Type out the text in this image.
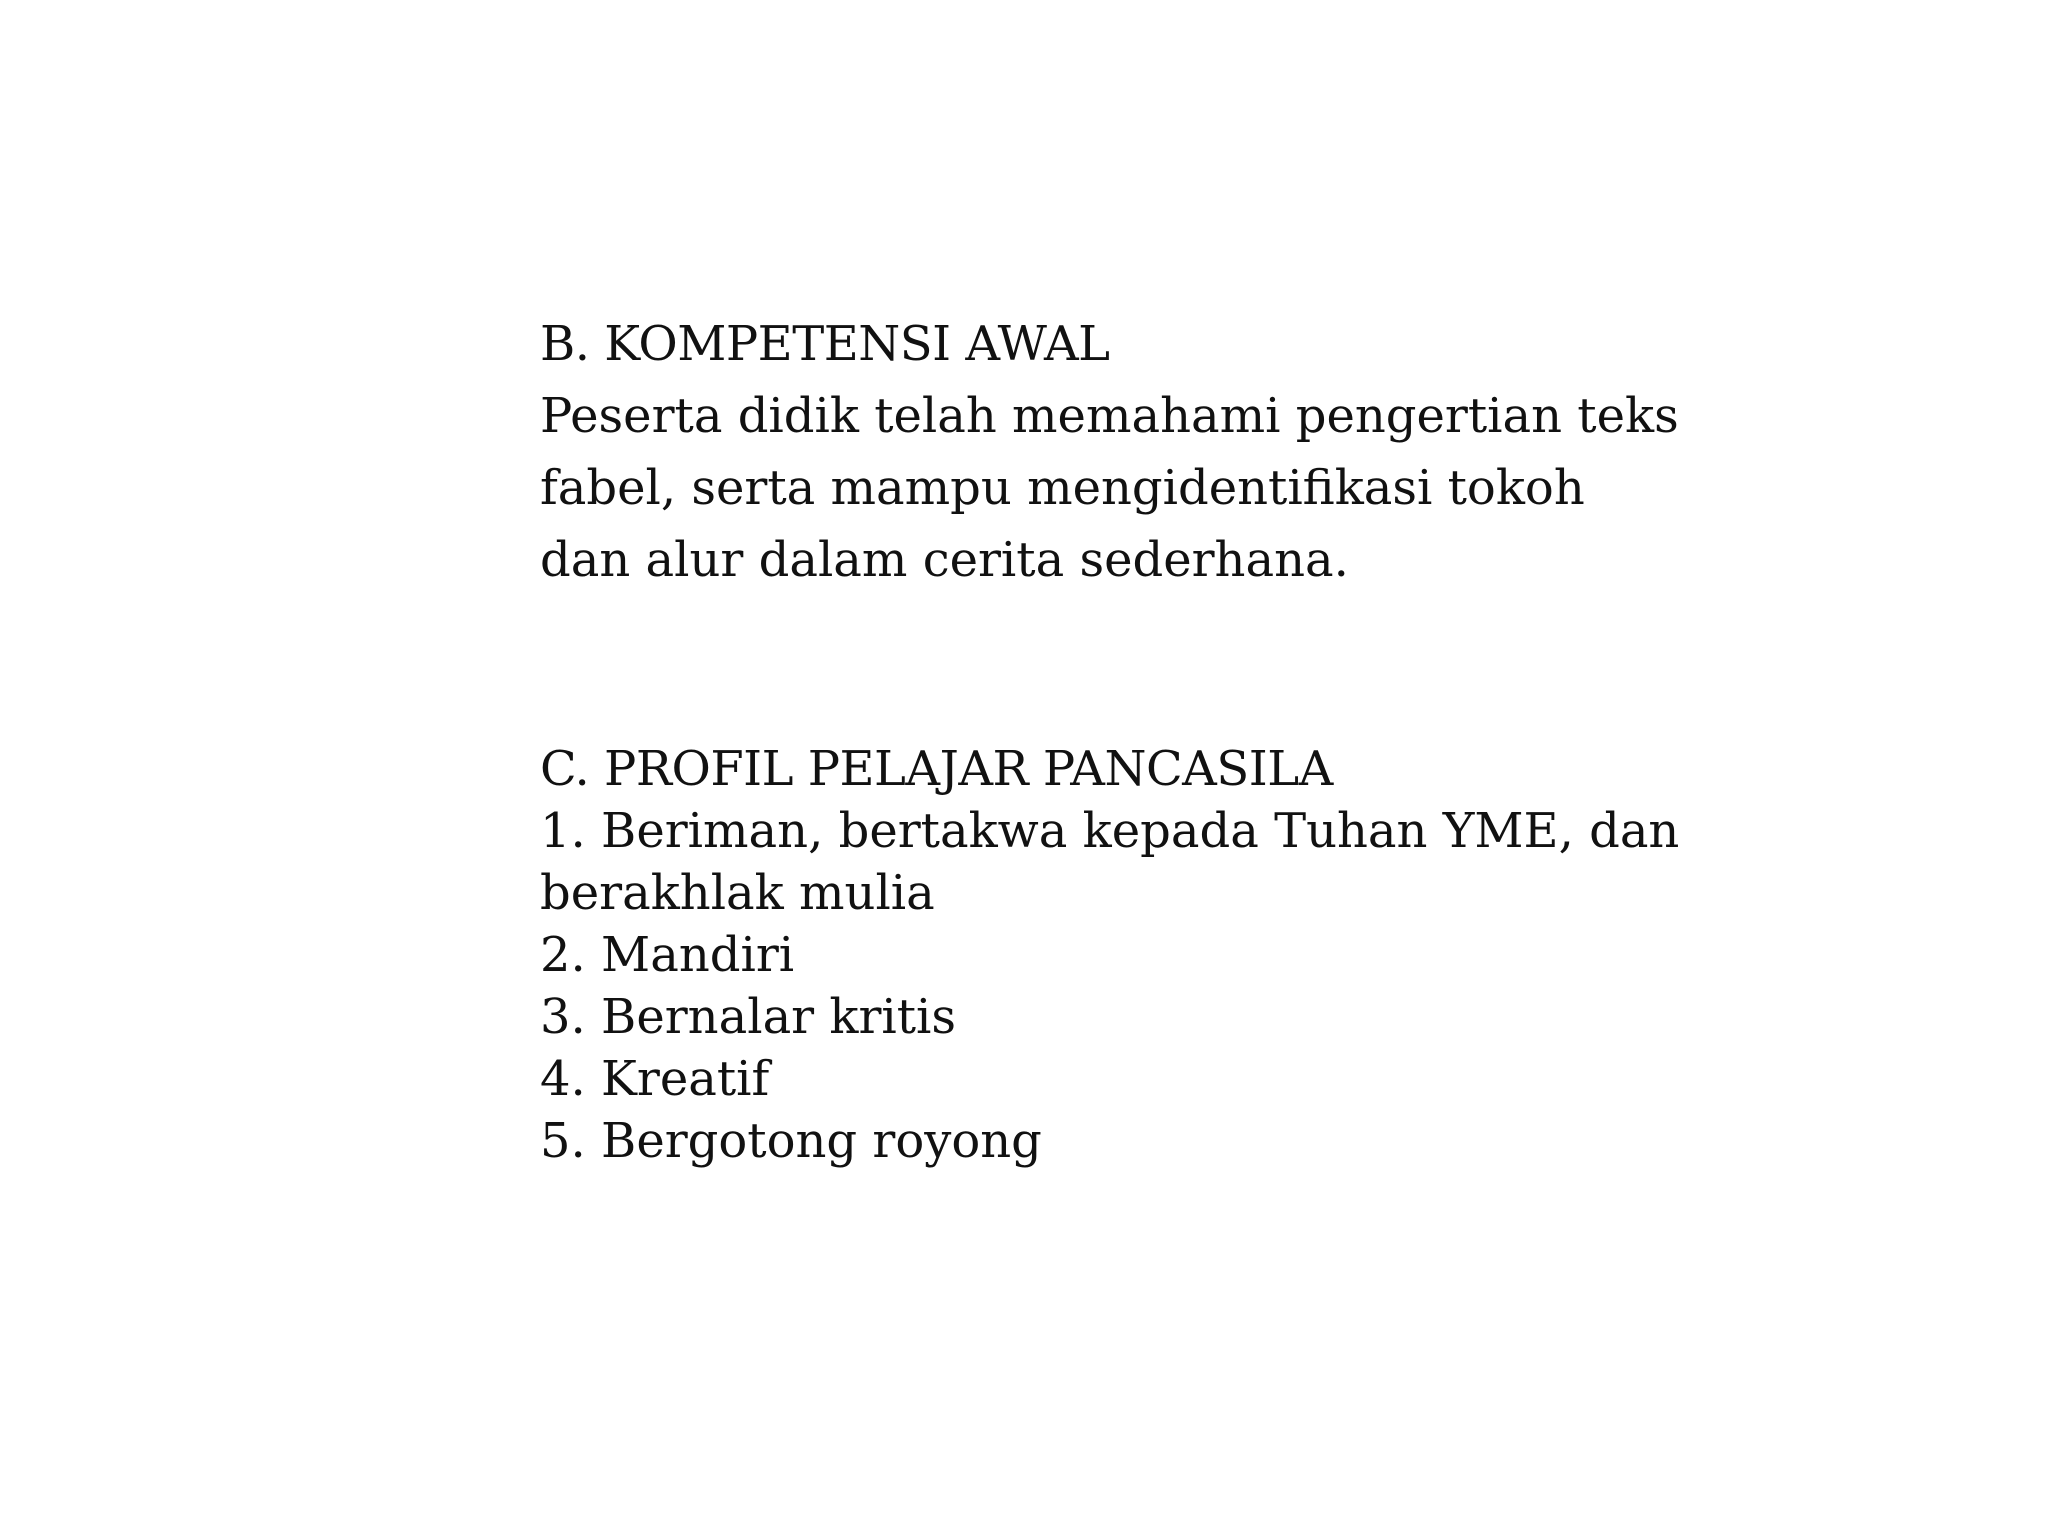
B. KOMPETENSI AWAL
Peserta didik telah memahami pengertian teks
fabel, serta mampu mengidentifikasi tokoh
dan alur dalam cerita sederhana.
C. PROFIL PELAJAR PANCASILA
1. Beriman, bertakwa kepada Tuhan YME, dan
berakhlak mulia
2. Mandiri
3. Bernalar kritis
4. Kreatif
5. Bergotong royong
